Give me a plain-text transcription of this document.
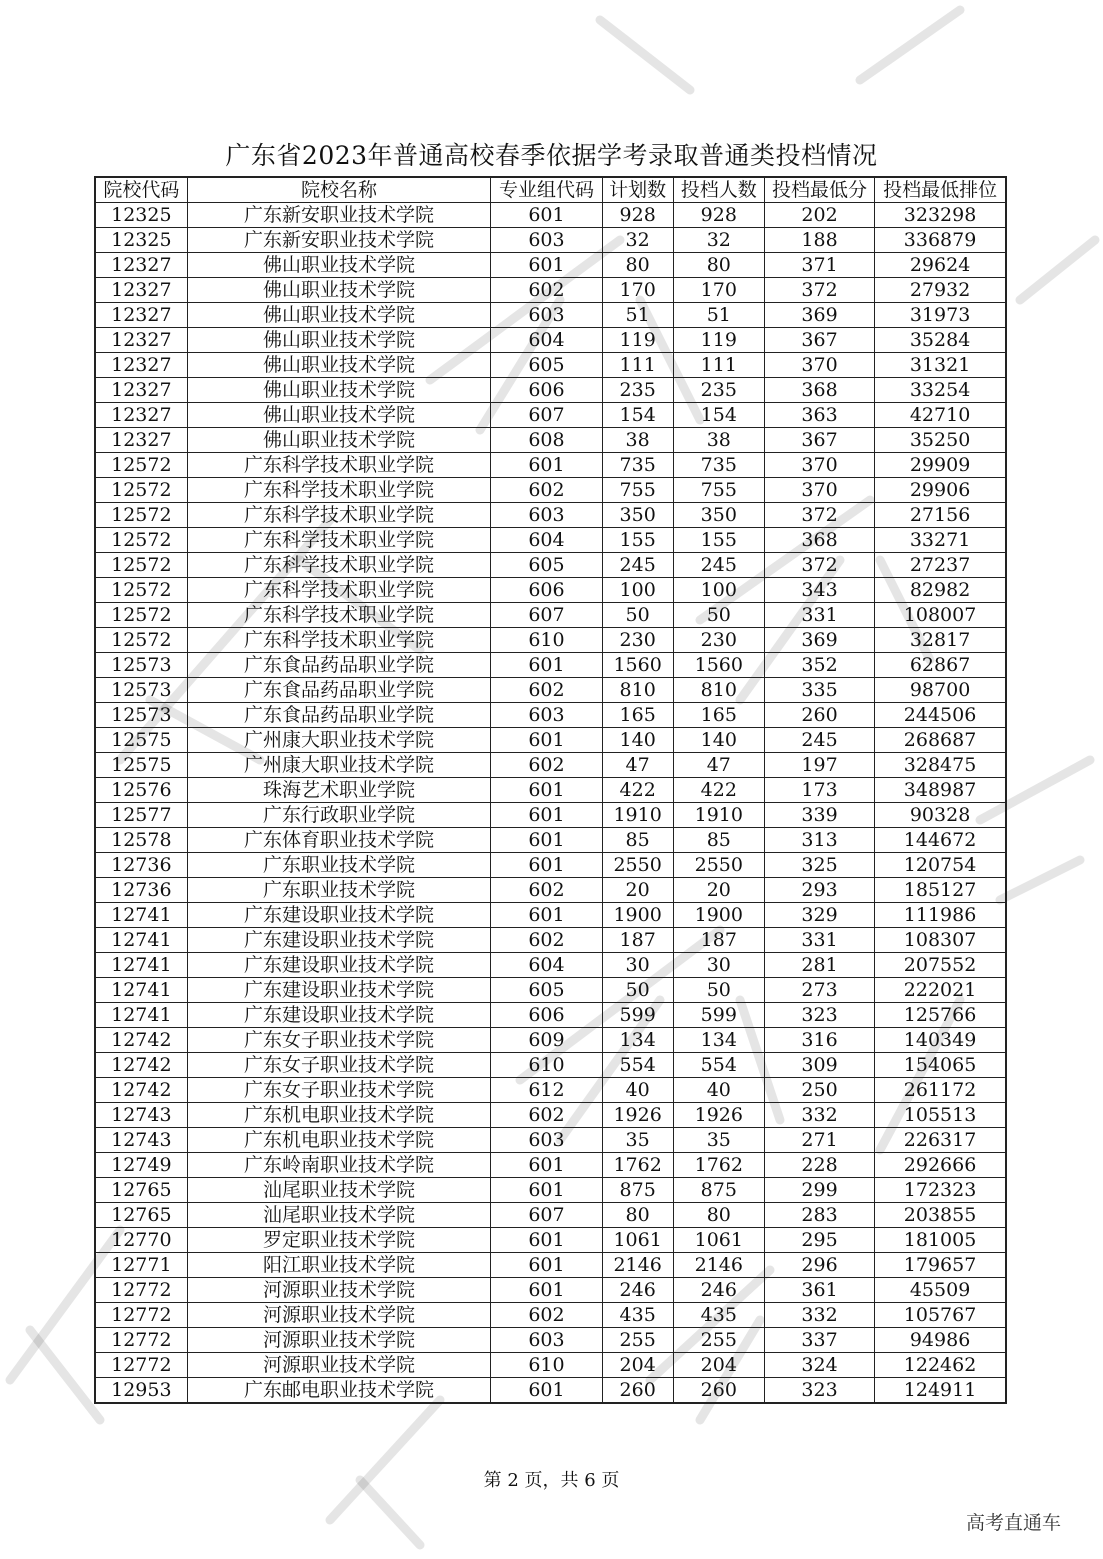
广东省2023年普通高校春季依据学考录取普通类投档情况
院校代码	院校名称	专业组代码	计划数	投档人数	投档最低分	投档最低排位
12325	广东新安职业技术学院	601	928	928	202	323298
12325	广东新安职业技术学院	603	32	32	188	336879
12327	佛山职业技术学院	601	80	80	371	29624
12327	佛山职业技术学院	602	170	170	372	27932
12327	佛山职业技术学院	603	51	51	369	31973
12327	佛山职业技术学院	604	119	119	367	35284
12327	佛山职业技术学院	605	111	111	370	31321
12327	佛山职业技术学院	606	235	235	368	33254
12327	佛山职业技术学院	607	154	154	363	42710
12327	佛山职业技术学院	608	38	38	367	35250
12572	广东科学技术职业学院	601	735	735	370	29909
12572	广东科学技术职业学院	602	755	755	370	29906
12572	广东科学技术职业学院	603	350	350	372	27156
12572	广东科学技术职业学院	604	155	155	368	33271
12572	广东科学技术职业学院	605	245	245	372	27237
12572	广东科学技术职业学院	606	100	100	343	82982
12572	广东科学技术职业学院	607	50	50	331	108007
12572	广东科学技术职业学院	610	230	230	369	32817
12573	广东食品药品职业学院	601	1560	1560	352	62867
12573	广东食品药品职业学院	602	810	810	335	98700
12573	广东食品药品职业学院	603	165	165	260	244506
12575	广州康大职业技术学院	601	140	140	245	268687
12575	广州康大职业技术学院	602	47	47	197	328475
12576	珠海艺术职业学院	601	422	422	173	348987
12577	广东行政职业学院	601	1910	1910	339	90328
12578	广东体育职业技术学院	601	85	85	313	144672
12736	广东职业技术学院	601	2550	2550	325	120754
12736	广东职业技术学院	602	20	20	293	185127
12741	广东建设职业技术学院	601	1900	1900	329	111986
12741	广东建设职业技术学院	602	187	187	331	108307
12741	广东建设职业技术学院	604	30	30	281	207552
12741	广东建设职业技术学院	605	50	50	273	222021
12741	广东建设职业技术学院	606	599	599	323	125766
12742	广东女子职业技术学院	609	134	134	316	140349
12742	广东女子职业技术学院	610	554	554	309	154065
12742	广东女子职业技术学院	612	40	40	250	261172
12743	广东机电职业技术学院	602	1926	1926	332	105513
12743	广东机电职业技术学院	603	35	35	271	226317
12749	广东岭南职业技术学院	601	1762	1762	228	292666
12765	汕尾职业技术学院	601	875	875	299	172323
12765	汕尾职业技术学院	607	80	80	283	203855
12770	罗定职业技术学院	601	1061	1061	295	181005
12771	阳江职业技术学院	601	2146	2146	296	179657
12772	河源职业技术学院	601	246	246	361	45509
12772	河源职业技术学院	602	435	435	332	105767
12772	河源职业技术学院	603	255	255	337	94986
12772	河源职业技术学院	610	204	204	324	122462
12953	广东邮电职业技术学院	601	260	260	323	124911
第 2 页，共 6 页
高考直通车
